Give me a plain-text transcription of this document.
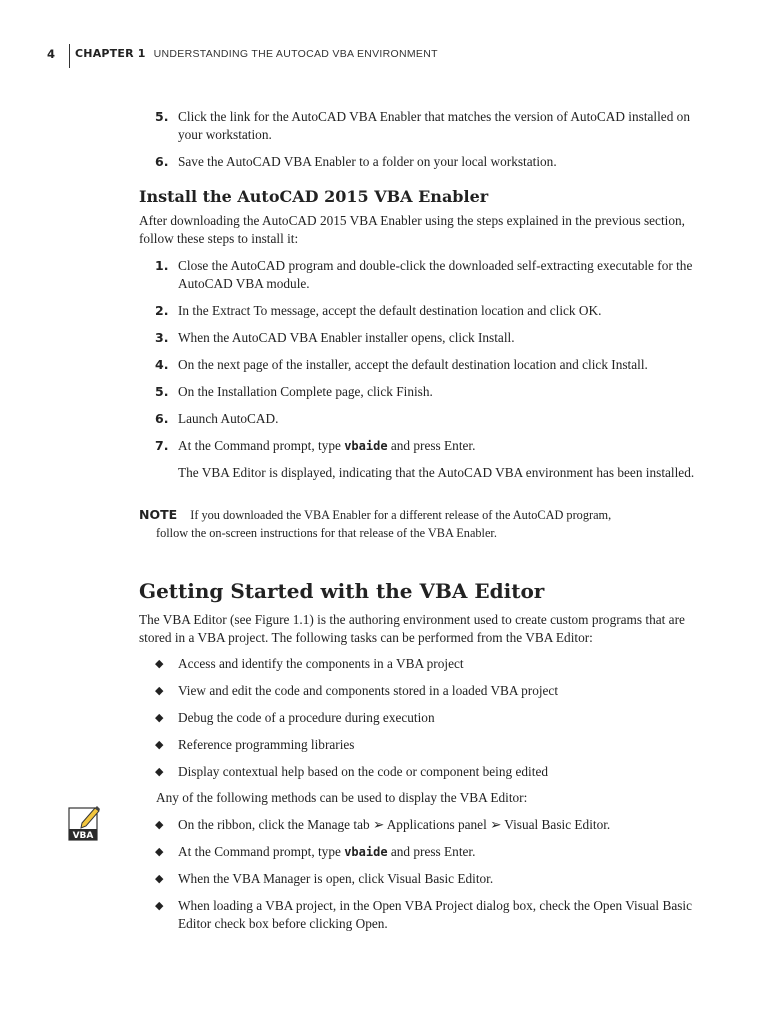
4 CHAPTER 1 UNDERSTANDING THE AUTOCAD VBA ENVIRONMENT
5. Click the link for the AutoCAD VBA Enabler that matches the version of AutoCAD installed on your workstation.
6. Save the AutoCAD VBA Enabler to a folder on your local workstation.
Install the AutoCAD 2015 VBA Enabler
After downloading the AutoCAD 2015 VBA Enabler using the steps explained in the previous section, follow these steps to install it:
1. Close the AutoCAD program and double-click the downloaded self-extracting executable for the AutoCAD VBA module.
2. In the Extract To message, accept the default destination location and click OK.
3. When the AutoCAD VBA Enabler installer opens, click Install.
4. On the next page of the installer, accept the default destination location and click Install.
5. On the Installation Complete page, click Finish.
6. Launch AutoCAD.
7. At the Command prompt, type vbaide and press Enter.
The VBA Editor is displayed, indicating that the AutoCAD VBA environment has been installed.
NOTE If you downloaded the VBA Enabler for a different release of the AutoCAD program,
follow the on-screen instructions for that release of the VBA Enabler.
Getting Started with the VBA Editor
The VBA Editor (see Figure 1.1) is the authoring environment used to create custom programs that are stored in a VBA project. The following tasks can be performed from the VBA Editor:
◆ Access and identify the components in a VBA project
◆ View and edit the code and components stored in a loaded VBA project
◆ Debug the code of a procedure during execution
◆ Reference programming libraries
◆ Display contextual help based on the code or component being edited
Any of the following methods can be used to display the VBA Editor:
VBA
◆ On the ribbon, click the Manage tab ➢ Applications panel ➢ Visual Basic Editor.
◆ At the Command prompt, type vbaide and press Enter.
◆ When the VBA Manager is open, click Visual Basic Editor.
◆ When loading a VBA project, in the Open VBA Project dialog box, check the Open Visual Basic Editor check box before clicking Open.
